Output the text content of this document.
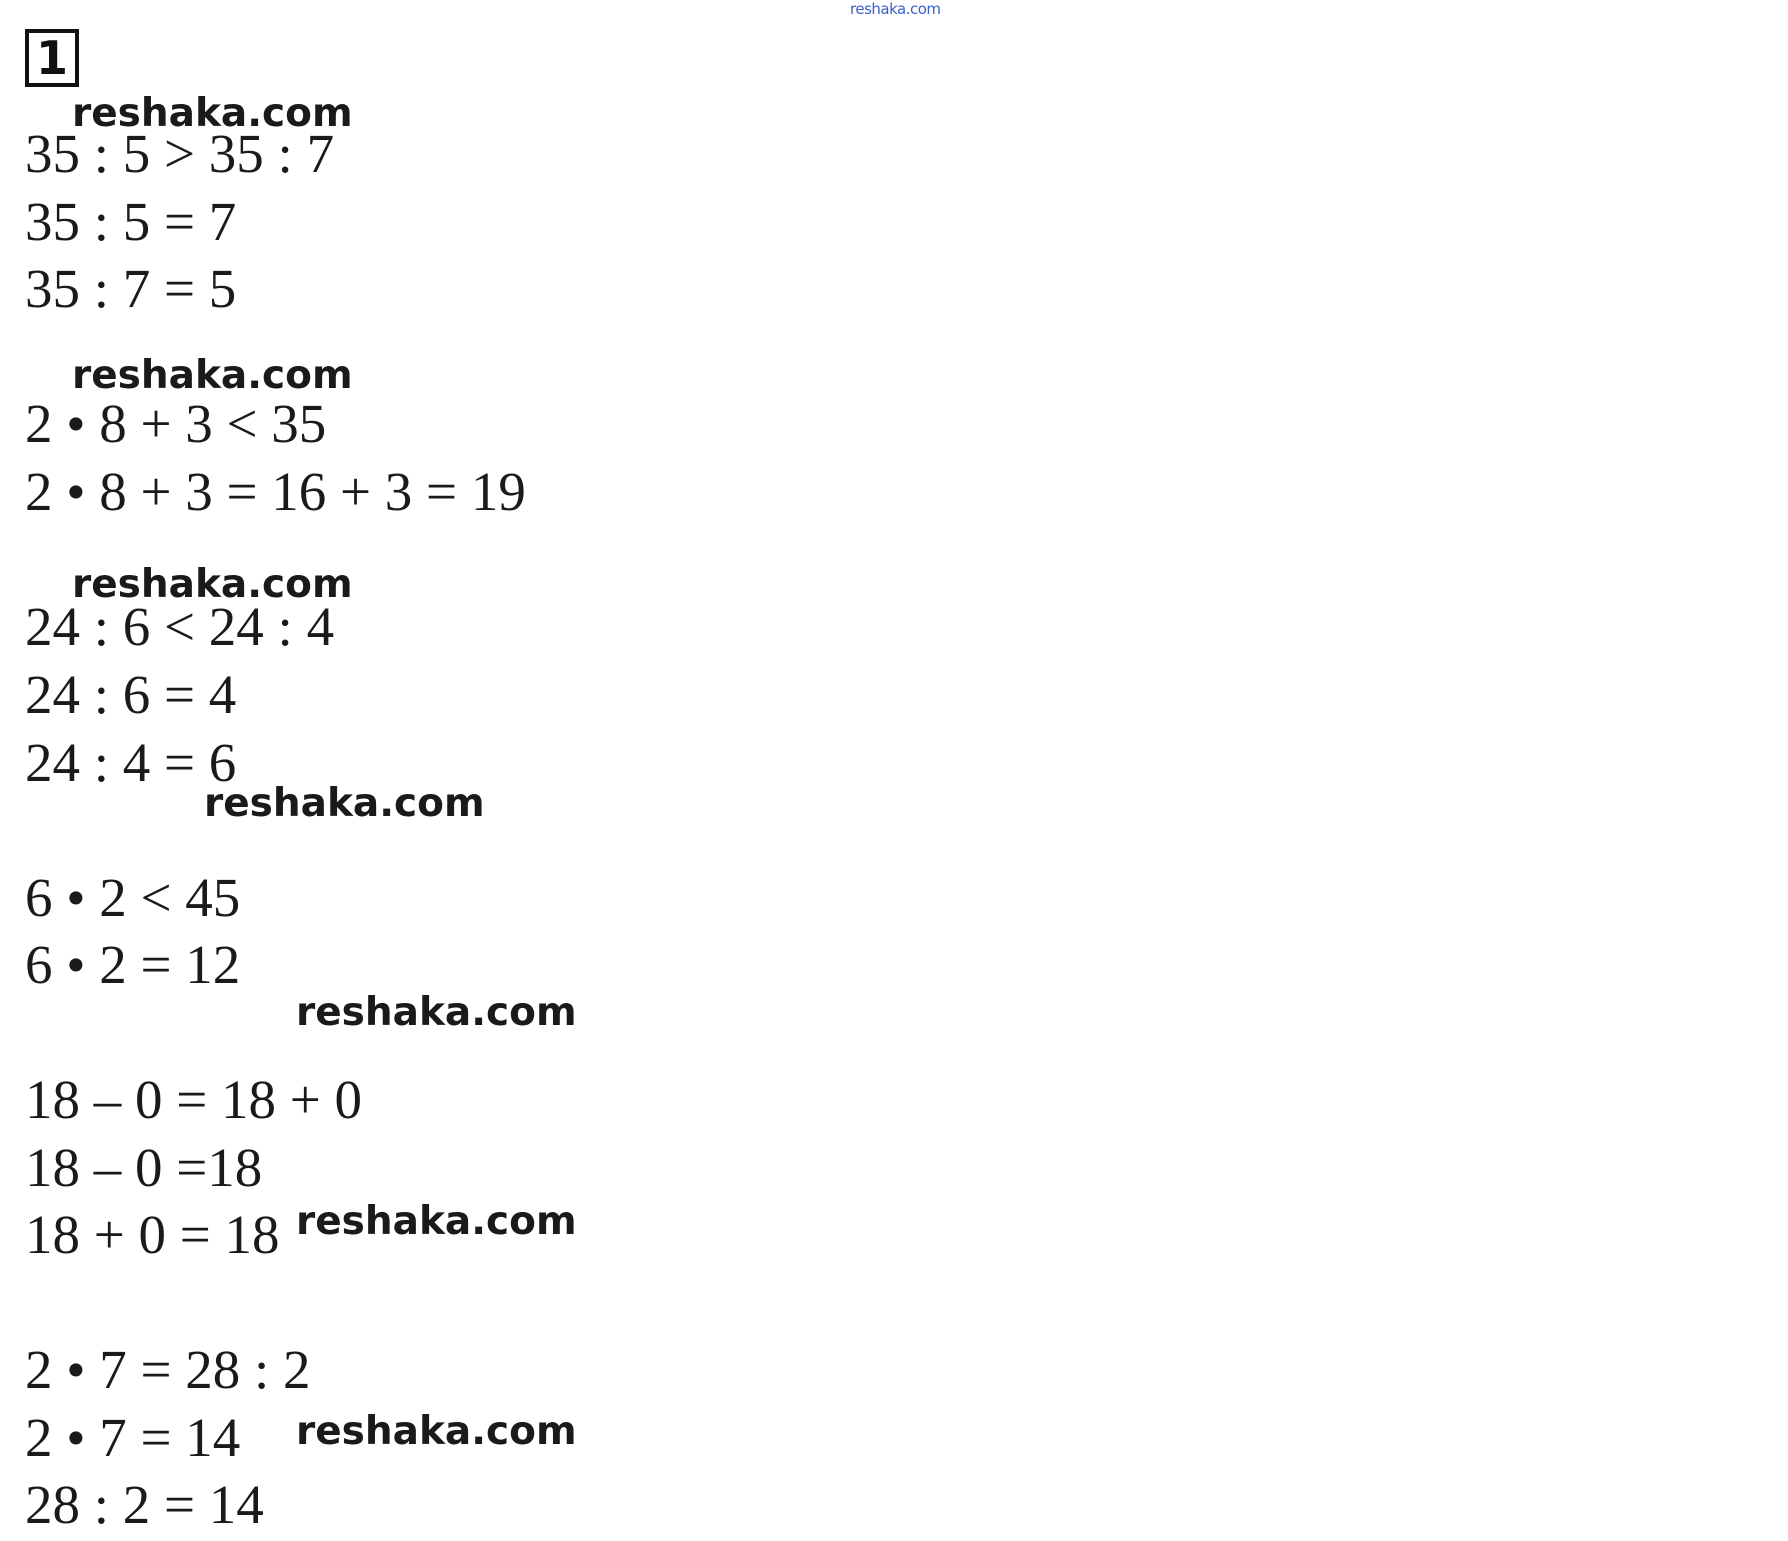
reshaka.com
1
reshaka.com
35 : 5 > 35 : 7
35 : 5 = 7
35 : 7 = 5
reshaka.com
2 • 8 + 3 < 35
2 • 8 + 3 = 16 + 3 = 19
reshaka.com
24 : 6 < 24 : 4
24 : 6 = 4
24 : 4 = 6
reshaka.com
6 • 2 < 45
6 • 2 = 12
reshaka.com
18 – 0 = 18 + 0
18 – 0 =18
18 + 0 = 18 reshaka.com
2 • 7 = 28 : 2
2 • 7 = 14 reshaka.com
28 : 2 = 14
